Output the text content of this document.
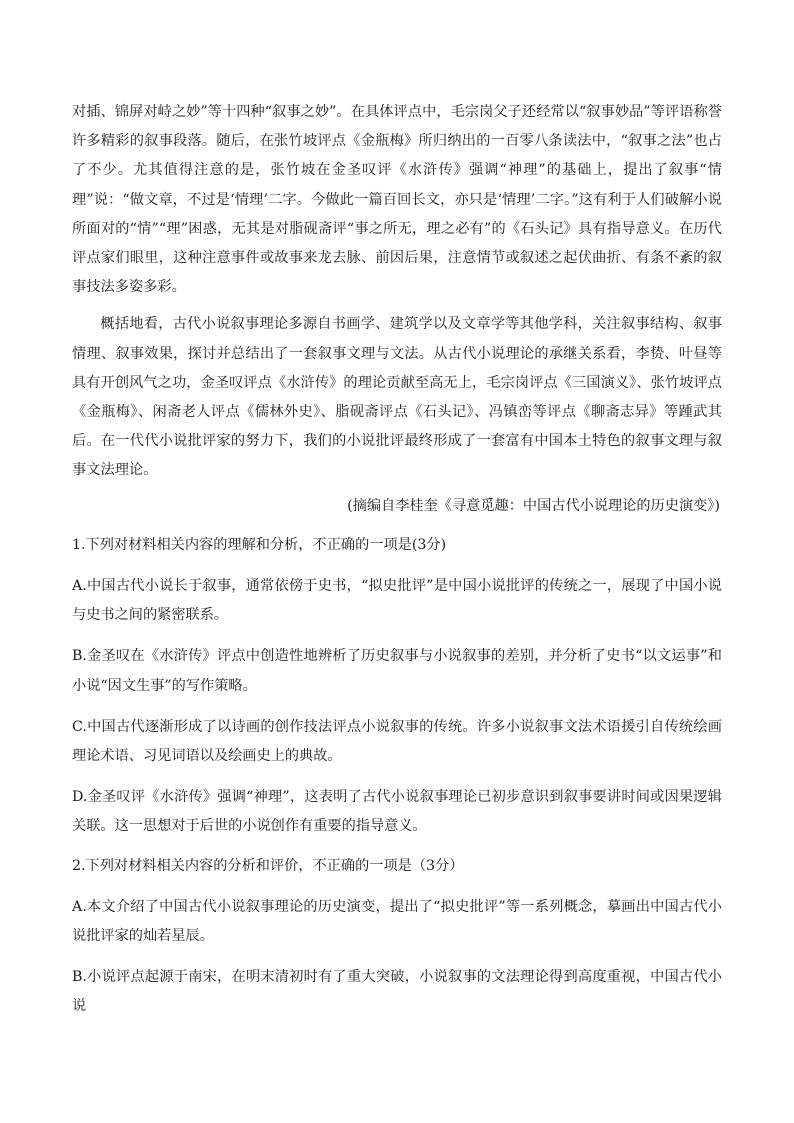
对插、锦屏对峙之妙”等十四种“叙事之妙”。在具体评点中，毛宗岗父子还经常以“叙事妙品”等评语称誉许多精彩的叙事段落。随后，在张竹坡评点《金瓶梅》所归纳出的一百零八条读法中，“叙事之法”也占了不少。尤其值得注意的是，张竹坡在金圣叹评《水浒传》强调“神理”的基础上，提出了叙事“情理”说：“做文章，不过是‘情理’二字。今做此一篇百回长文，亦只是‘情理’二字。”这有利于人们破解小说所面对的“情”“理”困惑，无其是对脂砚斋评“事之所无，理之必有”的《石头记》具有指导意义。在历代评点家们眼里，这种注意事件或故事来龙去脉、前因后果，注意情节或叙述之起伏曲折、有条不紊的叙事技法多姿多彩。

概括地看，古代小说叙事理论多源自书画学、建筑学以及文章学等其他学科，关注叙事结构、叙事情理、叙事效果，探讨并总结出了一套叙事文理与文法。从古代小说理论的承继关系看，李贽、叶昼等具有开创风气之功，金圣叹评点《水浒传》的理论贡献至高无上，毛宗岗评点《三国演义》、张竹坡评点《金瓶梅》、闲斋老人评点《儒林外史》、脂砚斋评点《石头记》、冯镇峦等评点《聊斋志异》等踵武其后。在一代代小说批评家的努力下，我们的小说批评最终形成了一套富有中国本土特色的叙事文理与叙事文法理论。

(摘编自李桂奎《寻意觅趣：中国古代小说理论的历史演变》)

1.下列对材料相关内容的理解和分析，不正确的一项是(3分)

A.中国古代小说长于叙事，通常依傍于史书，“拟史批评”是中国小说批评的传统之一，展现了中国小说与史书之间的紧密联系。

B.金圣叹在《水浒传》评点中创造性地辨析了历史叙事与小说叙事的差别，并分析了史书“以文运事”和小说“因文生事”的写作策略。

C.中国古代逐渐形成了以诗画的创作技法评点小说叙事的传统。许多小说叙事文法术语援引自传统绘画理论术语、习见词语以及绘画史上的典故。

D.金圣叹评《水浒传》强调“神理”，这表明了古代小说叙事理论已初步意识到叙事要讲时间或因果逻辑关联。这一思想对于后世的小说创作有重要的指导意义。

2.下列对材料相关内容的分析和评价，不正确的一项是（3分）

A.本文介绍了中国古代小说叙事理论的历史演变，提出了“拟史批评”等一系列概念，摹画出中国古代小说批评家的灿若星辰。

B.小说评点起源于南宋，在明末清初时有了重大突破，小说叙事的文法理论得到高度重视，中国古代小说
